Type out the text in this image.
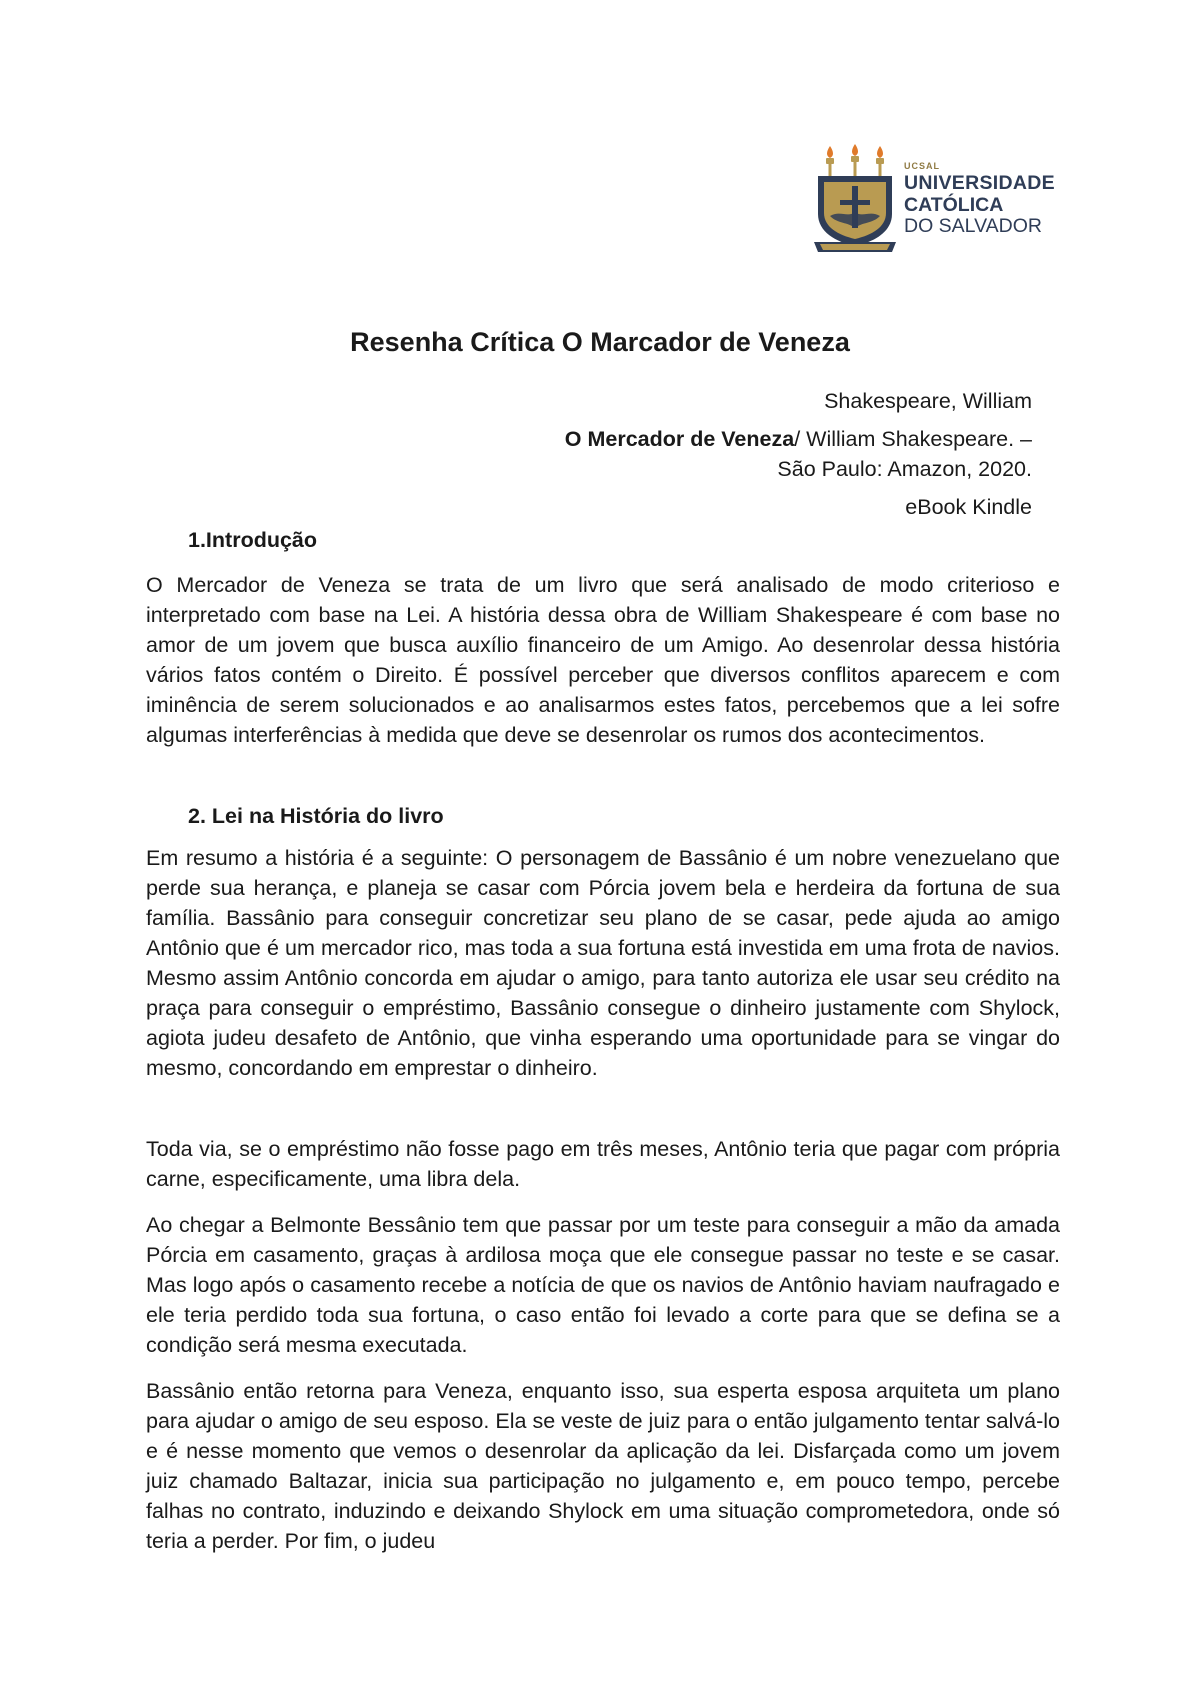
UCSAL
UNIVERSIDADE
CATÓLICA
DO SALVADOR
Resenha Crítica O Marcador de Veneza
Shakespeare, William
O Mercador de Veneza/ William Shakespeare. –
São Paulo: Amazon, 2020.
eBook Kindle
1.Introdução

O Mercador de Veneza se trata de um livro que será analisado de modo criterioso e interpretado com base na Lei. A história dessa obra de William Shakespeare é com base no amor de um jovem que busca auxílio financeiro de um Amigo. Ao desenrolar dessa história vários fatos contém o Direito. É possível perceber que diversos conflitos aparecem e com iminência de serem solucionados e ao analisarmos estes fatos, percebemos que a lei sofre algumas interferências à medida que deve se desenrolar os rumos dos acontecimentos.

2. Lei na História do livro

Em resumo a história é a seguinte: O personagem de Bassânio é um nobre venezuelano que perde sua herança, e planeja se casar com Pórcia jovem bela e herdeira da fortuna de sua família. Bassânio para conseguir concretizar seu plano de se casar, pede ajuda ao amigo Antônio que é um mercador rico, mas toda a sua fortuna está investida em uma frota de navios. Mesmo assim Antônio concorda em ajudar o amigo, para tanto autoriza ele usar seu crédito na praça para conseguir o empréstimo, Bassânio consegue o dinheiro justamente com Shylock, agiota judeu desafeto de Antônio, que vinha esperando uma oportunidade para se vingar do mesmo, concordando em emprestar o dinheiro.

Toda via, se o empréstimo não fosse pago em três meses, Antônio teria que pagar com própria carne, especificamente, uma libra dela.

Ao chegar a Belmonte Bessânio tem que passar por um teste para conseguir a mão da amada Pórcia em casamento, graças à ardilosa moça que ele consegue passar no teste e se casar. Mas logo após o casamento recebe a notícia de que os navios de Antônio haviam naufragado e ele teria perdido toda sua fortuna, o caso então foi levado a corte para que se defina se a condição será mesma executada.

Bassânio então retorna para Veneza, enquanto isso, sua esperta esposa arquiteta um plano para ajudar o amigo de seu esposo. Ela se veste de juiz para o então julgamento tentar salvá-lo e é nesse momento que vemos o desenrolar da aplicação da lei. Disfarçada como um jovem juiz chamado Baltazar, inicia sua participação no julgamento e, em pouco tempo, percebe falhas no contrato, induzindo e deixando Shylock em uma situação comprometedora, onde só teria a perder. Por fim, o judeu
